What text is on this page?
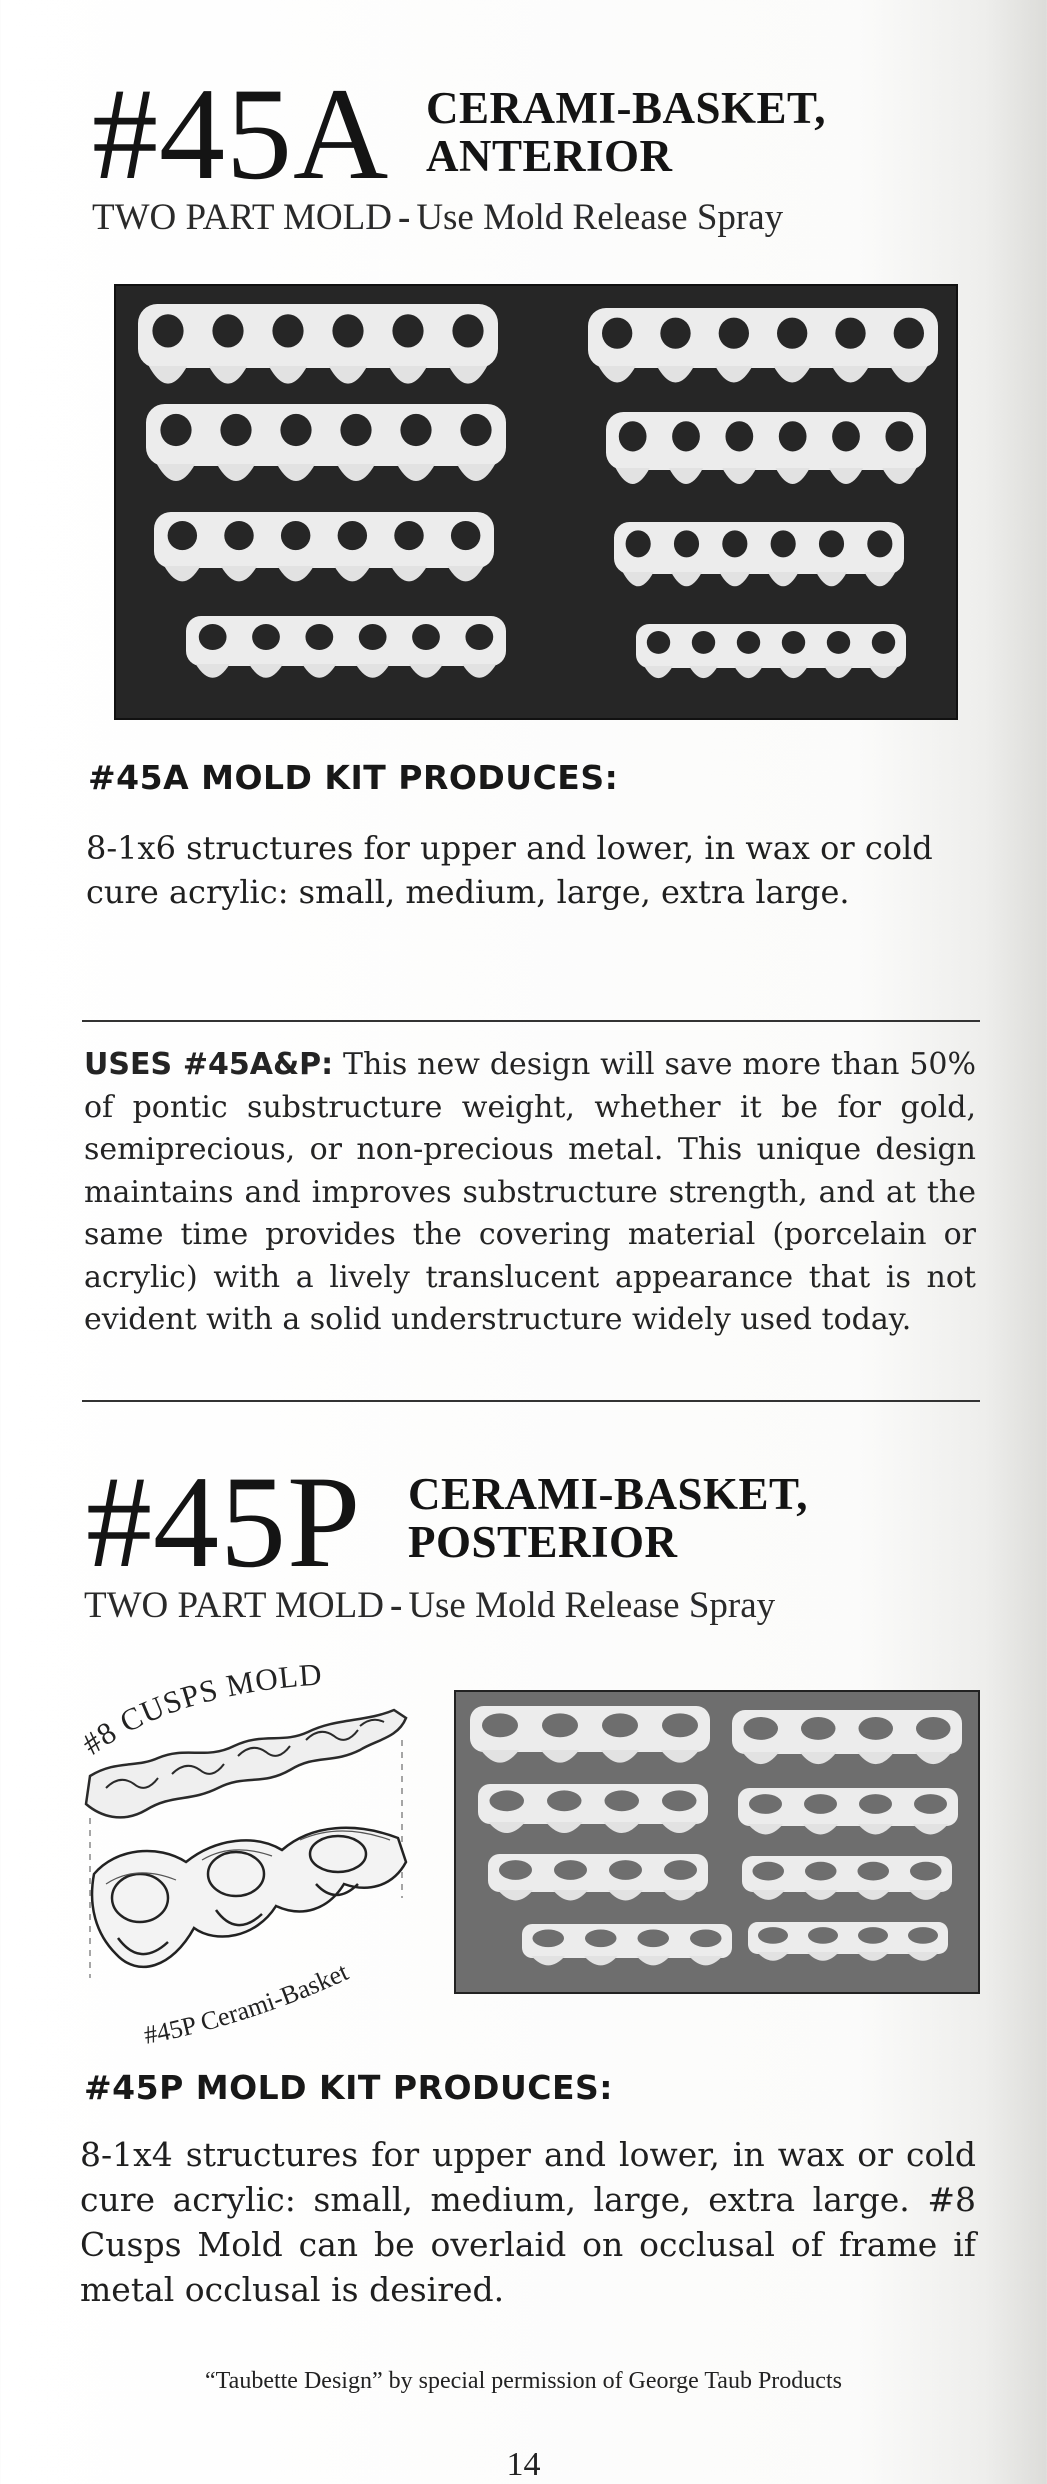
#45A CERAMI-BASKET,
ANTERIOR
TWO PART MOLD - Use Mold Release Spray
#45A MOLD KIT PRODUCES:
8-1x6 structures for upper and lower, in wax or cold cure acrylic: small, medium, large, extra large.
USES #45A&P: This new design will save more than 50% of pontic substructure weight, whether it be for gold, semiprecious, or non-precious metal. This unique design maintains and improves substructure strength, and at the same time provides the covering material (porcelain or acrylic) with a lively translucent appearance that is not evident with a solid understructure widely used today.
#45P CERAMI-BASKET,
POSTERIOR
TWO PART MOLD - Use Mold Release Spray
#8 CUSPS MOLD
#45P Cerami-Basket
#45P MOLD KIT PRODUCES:
8-1x4 structures for upper and lower, in wax or cold cure acrylic: small, medium, large, extra large. #8 Cusps Mold can be overlaid on occlusal of frame if metal occlusal is desired.
“Taubette Design” by special permission of George Taub Products
14
